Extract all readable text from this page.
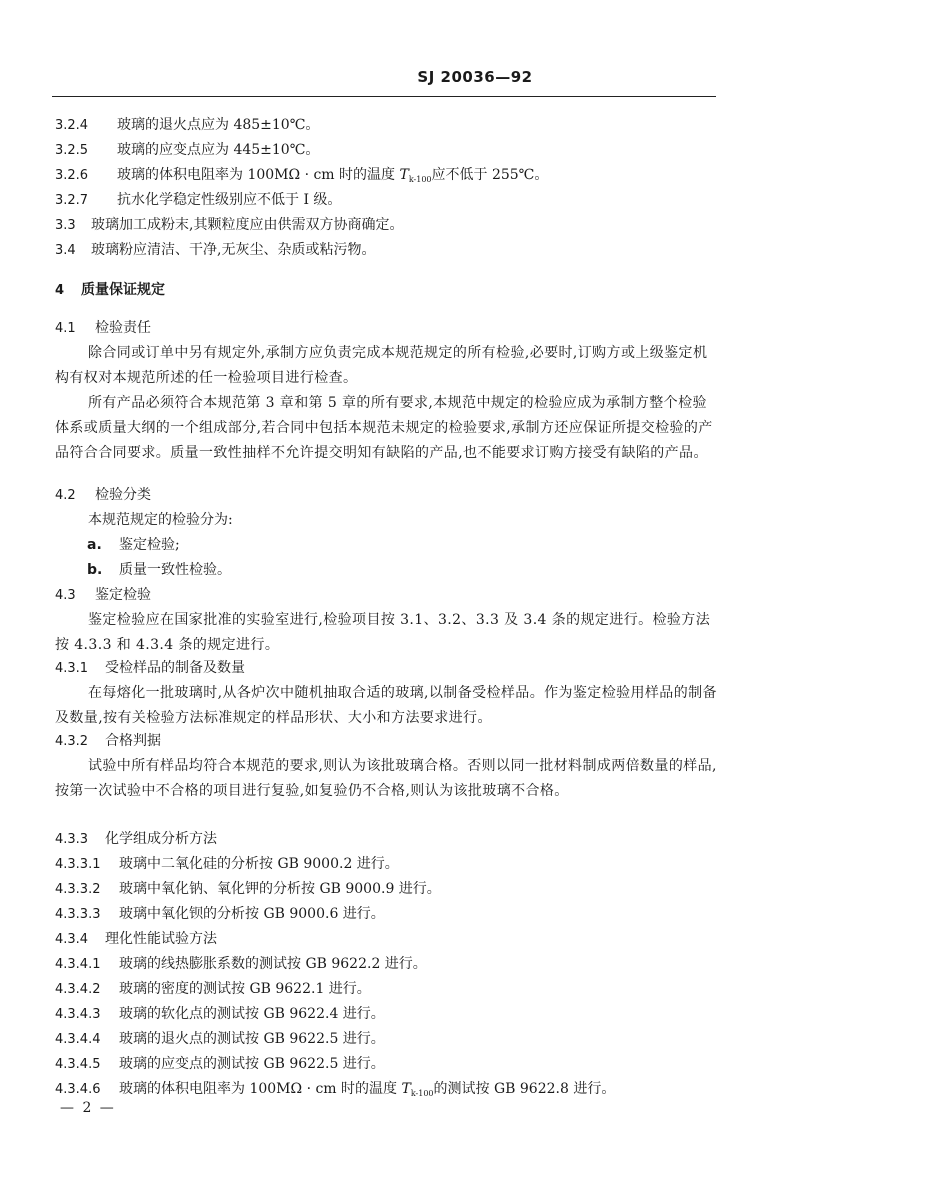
SJ 20036—92
3.2.4 玻璃的退火点应为 485±10℃。
3.2.5 玻璃的应变点应为 445±10℃。
3.2.6 玻璃的体积电阻率为 100MΩ · cm 时的温度 $T_{k-100}$应不低于 255℃。
3.2.7 抗水化学稳定性级别应不低于 Ⅰ 级。
3.3 玻璃加工成粉末,其颗粒度应由供需双方协商确定。
3.4 玻璃粉应清洁、干净,无灰尘、杂质或粘污物。
4 质量保证规定
4.1 检验责任
除合同或订单中另有规定外,承制方应负责完成本规范规定的所有检验,必要时,订购方或上级鉴定机构有权对本规范所述的任一检验项目进行检查。
所有产品必须符合本规范第 3 章和第 5 章的所有要求,本规范中规定的检验应成为承制方整个检验体系或质量大纲的一个组成部分,若合同中包括本规范未规定的检验要求,承制方还应保证所提交检验的产品符合合同要求。质量一致性抽样不允许提交明知有缺陷的产品,也不能要求订购方接受有缺陷的产品。
4.2 检验分类
本规范规定的检验分为:
a. 鉴定检验;
b. 质量一致性检验。
4.3 鉴定检验
鉴定检验应在国家批准的实验室进行,检验项目按 3.1、3.2、3.3 及 3.4 条的规定进行。检验方法按 4.3.3 和 4.3.4 条的规定进行。
4.3.1 受检样品的制备及数量
在每熔化一批玻璃时,从各炉次中随机抽取合适的玻璃,以制备受检样品。作为鉴定检验用样品的制备及数量,按有关检验方法标准规定的样品形状、大小和方法要求进行。
4.3.2 合格判据
试验中所有样品均符合本规范的要求,则认为该批玻璃合格。否则以同一批材料制成两倍数量的样品,按第一次试验中不合格的项目进行复验,如复验仍不合格,则认为该批玻璃不合格。
4.3.3 化学组成分析方法
4.3.3.1 玻璃中二氧化硅的分析按 GB 9000.2 进行。
4.3.3.2 玻璃中氧化钠、氧化钾的分析按 GB 9000.9 进行。
4.3.3.3 玻璃中氧化钡的分析按 GB 9000.6 进行。
4.3.4 理化性能试验方法
4.3.4.1 玻璃的线热膨胀系数的测试按 GB 9622.2 进行。
4.3.4.2 玻璃的密度的测试按 GB 9622.1 进行。
4.3.4.3 玻璃的软化点的测试按 GB 9622.4 进行。
4.3.4.4 玻璃的退火点的测试按 GB 9622.5 进行。
4.3.4.5 玻璃的应变点的测试按 GB 9622.5 进行。
4.3.4.6 玻璃的体积电阻率为 100MΩ · cm 时的温度 $T_{k-100}$的测试按 GB 9622.8 进行。
— 2 —
